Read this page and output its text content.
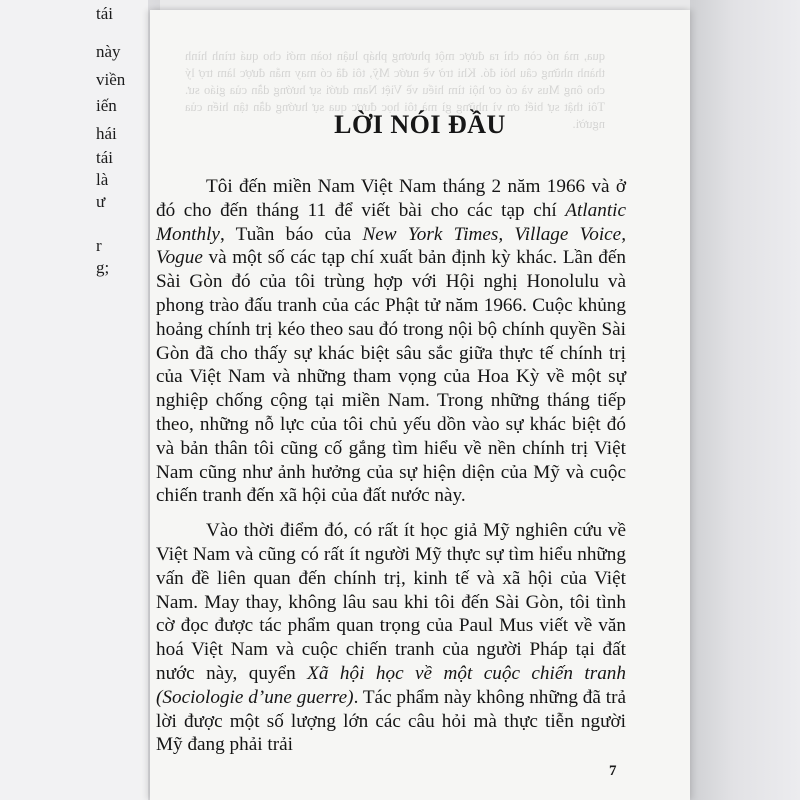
tái
này
viền
iến
hái
tái
là
ư
r
g;
qua, mà nó còn chỉ ra được một phương pháp luận toàn mới cho quá trình hình thành những câu hỏi đó. Khi trở về nước Mỹ, tôi đã có may mắn được làm trợ lý cho ông Mus và có cơ hội tìm hiểu về Việt Nam dưới sự hướng dẫn của giáo sư. Tôi thật sự biết ơn vì những gì mà tôi học được qua sự hướng dẫn tận hiến của người.
LỜI NÓI ĐẦU

Tôi đến miền Nam Việt Nam tháng 2 năm 1966 và ở đó cho đến tháng 11 để viết bài cho các tạp chí Atlantic Monthly, Tuần báo của New York Times, Village Voice, Vogue và một số các tạp chí xuất bản định kỳ khác. Lần đến Sài Gòn đó của tôi trùng hợp với Hội nghị Honolulu và phong trào đấu tranh của các Phật tử năm 1966. Cuộc khủng hoảng chính trị kéo theo sau đó trong nội bộ chính quyền Sài Gòn đã cho thấy sự khác biệt sâu sắc giữa thực tế chính trị của Việt Nam và những tham vọng của Hoa Kỳ về một sự nghiệp chống cộng tại miền Nam. Trong những tháng tiếp theo, những nỗ lực của tôi chủ yếu dồn vào sự khác biệt đó và bản thân tôi cũng cố gắng tìm hiểu về nền chính trị Việt Nam cũng như ảnh hưởng của sự hiện diện của Mỹ và cuộc chiến tranh đến xã hội của đất nước này.

Vào thời điểm đó, có rất ít học giả Mỹ nghiên cứu về Việt Nam và cũng có rất ít người Mỹ thực sự tìm hiểu những vấn đề liên quan đến chính trị, kinh tế và xã hội của Việt Nam. May thay, không lâu sau khi tôi đến Sài Gòn, tôi tình cờ đọc được tác phẩm quan trọng của Paul Mus viết về văn hoá Việt Nam và cuộc chiến tranh của người Pháp tại đất nước này, quyển Xã hội học về một cuộc chiến tranh (Sociologie d’une guerre). Tác phẩm này không những đã trả lời được một số lượng lớn các câu hỏi mà thực tiễn người Mỹ đang phải trải

7
